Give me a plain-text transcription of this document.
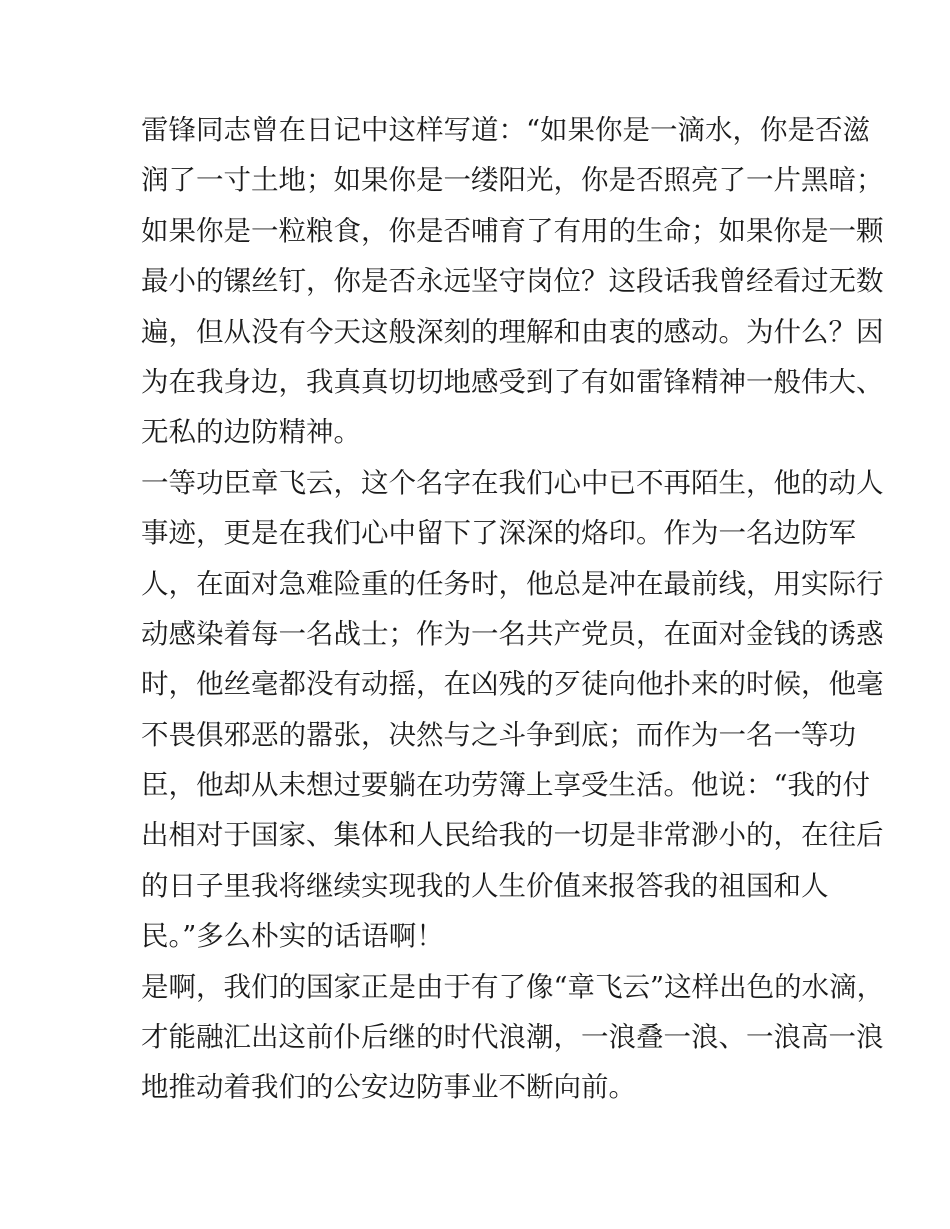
雷锋同志曾在日记中这样写道：“如果你是一滴水，你是否滋
润了一寸土地；如果你是一缕阳光，你是否照亮了一片黑暗；
如果你是一粒粮食，你是否哺育了有用的生命；如果你是一颗
最小的镙丝钉，你是否永远坚守岗位？这段话我曾经看过无数
遍，但从没有今天这般深刻的理解和由衷的感动。为什么？因
为在我身边，我真真切切地感受到了有如雷锋精神一般伟大、
无私的边防精神。
一等功臣章飞云，这个名字在我们心中已不再陌生，他的动人
事迹，更是在我们心中留下了深深的烙印。作为一名边防军
人，在面对急难险重的任务时，他总是冲在最前线，用实际行
动感染着每一名战士；作为一名共产党员，在面对金钱的诱惑
时，他丝毫都没有动摇，在凶残的歹徒向他扑来的时候，他毫
不畏俱邪恶的嚣张，决然与之斗争到底；而作为一名一等功
臣，他却从未想过要躺在功劳簿上享受生活。他说：“我的付
出相对于国家、集体和人民给我的一切是非常渺小的，在往后
的日子里我将继续实现我的人生价值来报答我的祖国和人
民。”多么朴实的话语啊！
是啊，我们的国家正是由于有了像“章飞云”这样出色的水滴，
才能融汇出这前仆后继的时代浪潮，一浪叠一浪、一浪高一浪
地推动着我们的公安边防事业不断向前。
